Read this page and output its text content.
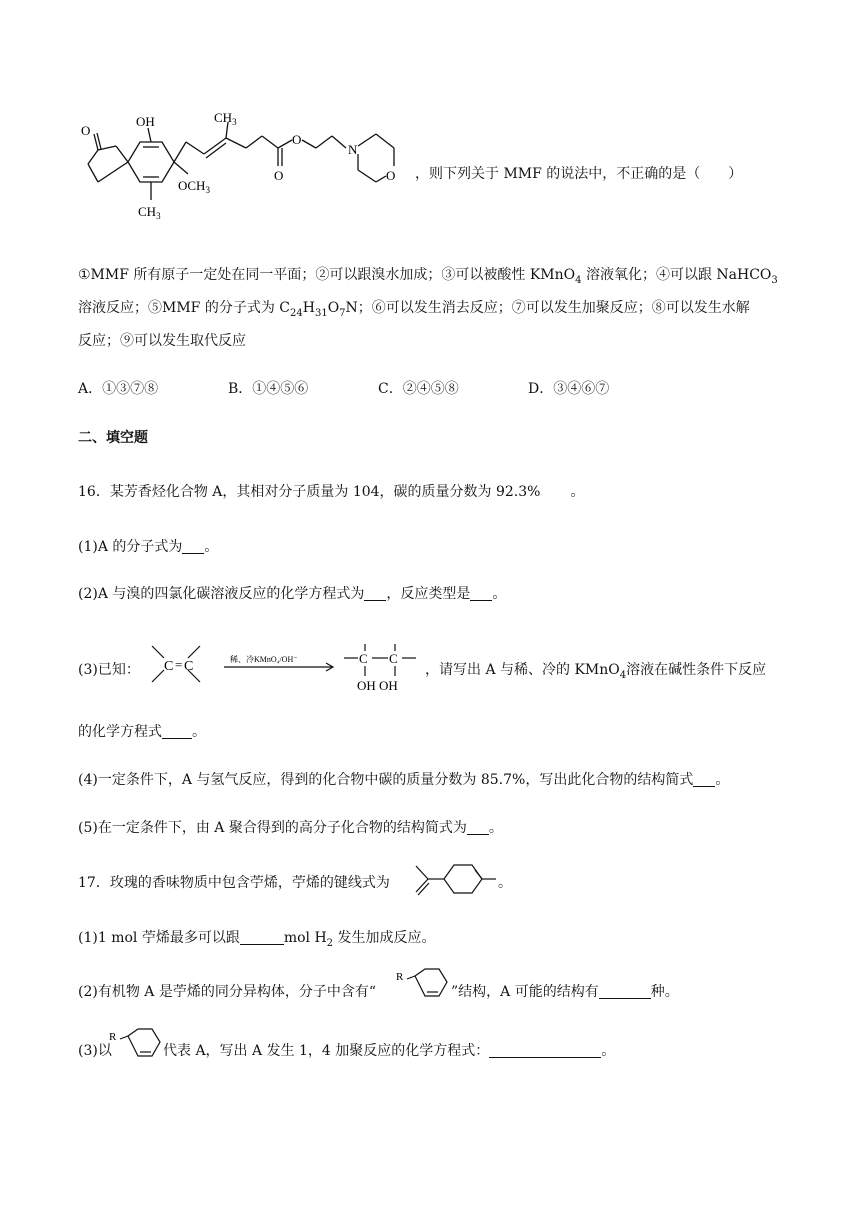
O
OH	$CH_3$
$OCH_3$
$CH_3$
O
O
N
O ，则下列关于 MMF 的说法中，不正确的是（　　）
①MMF 所有原子一定处在同一平面；②可以跟溴水加成；③可以被酸性 KMnO$_4$ 溶液氧化；④可以跟 NaHCO$_3$
溶液反应；⑤MMF 的分子式为 $C_{24}H_{31}O_7N$；⑥可以发生消去反应；⑦可以发生加聚反应；⑧可以发生水解
反应；⑨可以发生取代反应
A．①③⑦⑧	B．①④⑤⑥	C．②④⑤⑧	D．③④⑥⑦
二、填空题
16．某芳香烃化合物 A，其相对分子质量为 104，碳的质量分数为 92.3% 。
(1)A 的分子式为 。
(2)A 与溴的四氯化碳溶液反应的化学方程式为 ，反应类型是 。
(3)已知： C = C	稀、冷KMnO₄/OH⁻	C C
OH OH
，请写出 A 与稀、冷的 KMnO$_4$溶液在碱性条件下反应
的化学方程式 。
(4)一定条件下，A 与氢气反应，得到的化合物中碳的质量分数为 85.7%，写出此化合物的结构简式 。
(5)在一定条件下，由 A 聚合得到的高分子化合物的结构简式为 。
17．玫瑰的香味物质中包含苧烯，苧烯的键线式为	。
(1)1 mol 苧烯最多可以跟	mol $H_2$ 发生加成反应。
(2)有机物 A 是苧烯的同分异构体，分子中含有“
R
”结构，A 可能的结构有	种。
(3)以
R
代表 A，写出 A 发生 1，4 加聚反应的化学方程式：	。
